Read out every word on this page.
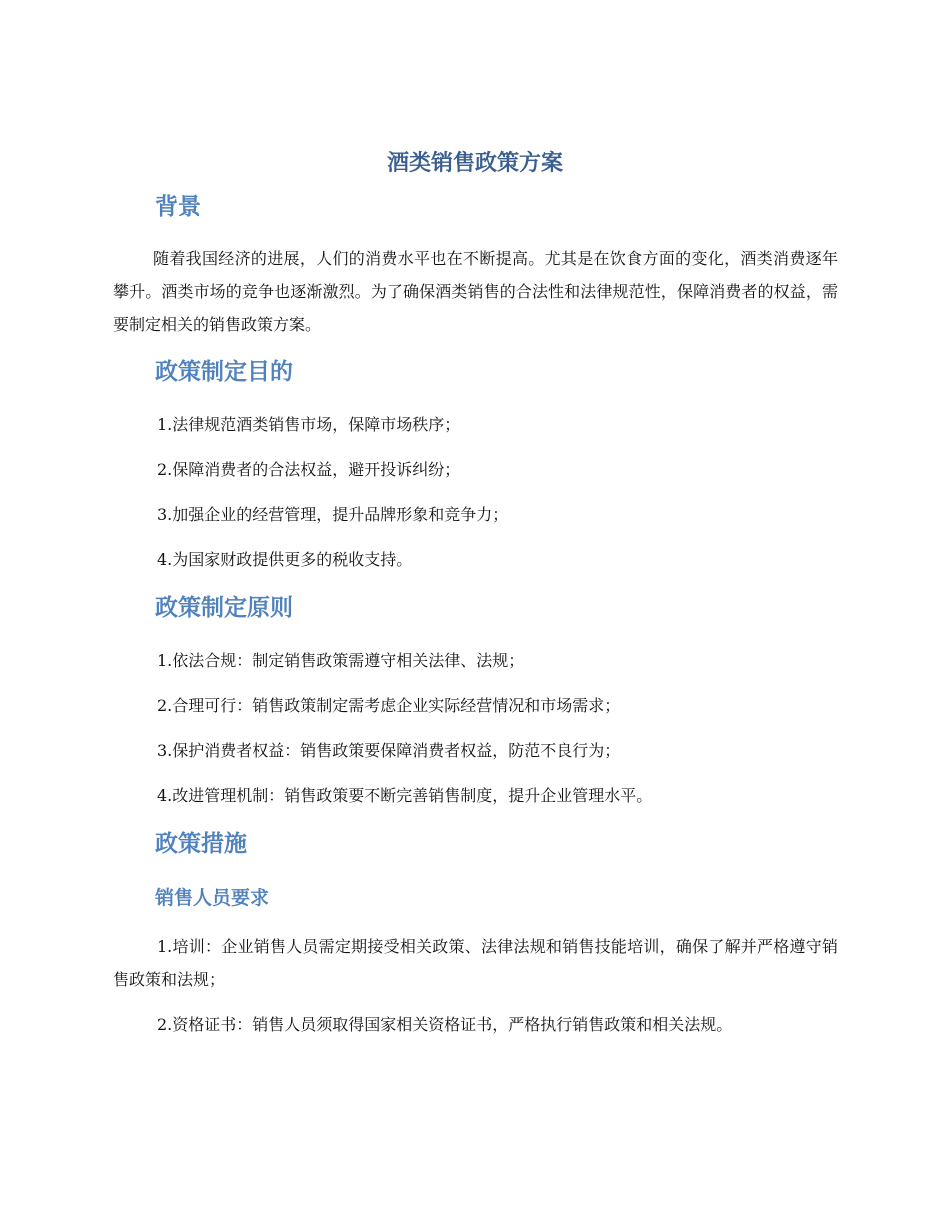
酒类销售政策方案
背景
随着我国经济的进展，人们的消费水平也在不断提高。尤其是在饮食方面的变化，酒类消费逐年攀升。酒类市场的竞争也逐渐激烈。为了确保酒类销售的合法性和法律规范性，保障消费者的权益，需要制定相关的销售政策方案。
政策制定目的
1.法律规范酒类销售市场，保障市场秩序；
2.保障消费者的合法权益，避开投诉纠纷；
3.加强企业的经营管理，提升品牌形象和竞争力；
4.为国家财政提供更多的税收支持。
政策制定原则
1.依法合规：制定销售政策需遵守相关法律、法规；
2.合理可行：销售政策制定需考虑企业实际经营情况和市场需求；
3.保护消费者权益：销售政策要保障消费者权益，防范不良行为；
4.改进管理机制：销售政策要不断完善销售制度，提升企业管理水平。
政策措施
销售人员要求
1.培训：企业销售人员需定期接受相关政策、法律法规和销售技能培训，确保了解并严格遵守销售政策和法规；
2.资格证书：销售人员须取得国家相关资格证书，严格执行销售政策和相关法规。
